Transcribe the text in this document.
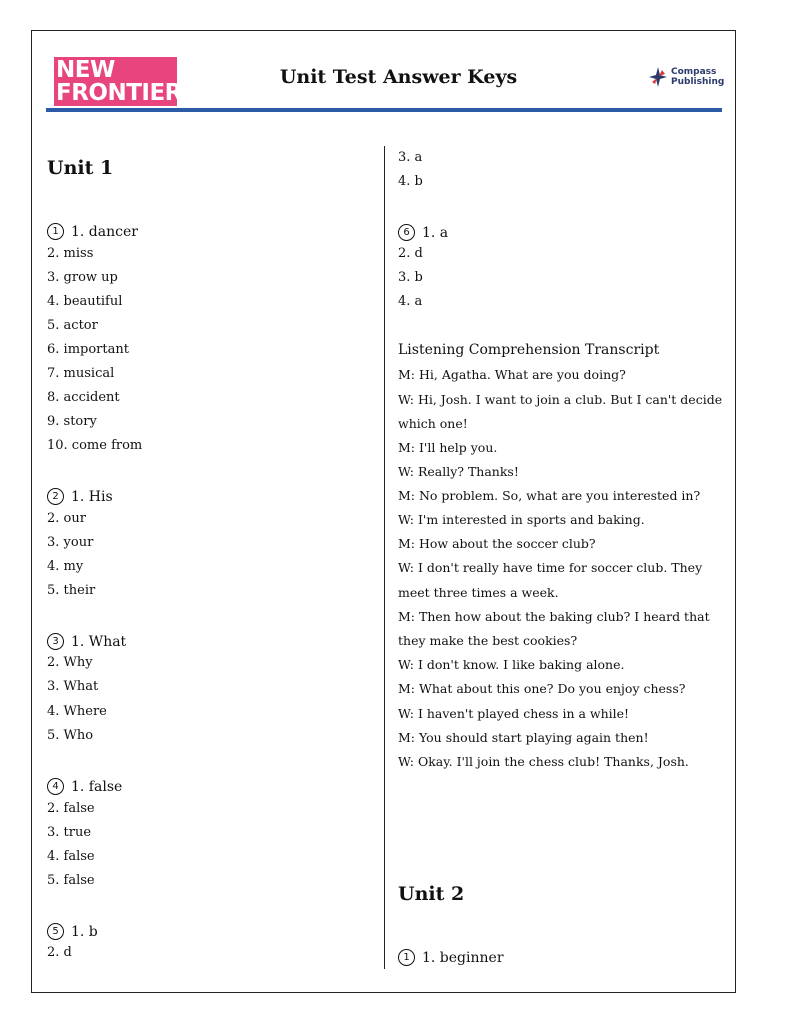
NEW
FRONTIERS
Unit Test Answer Keys	Compass
Publishing
Unit 1
1 1. dancer
2. miss
3. grow up
4. beautiful
5. actor
6. important
7. musical
8. accident
9. story
10. come from
2 1. His
2. our
3. your
4. my
5. their
3 1. What
2. Why
3. What
4. Where
5. Who
4 1. false
2. false
3. true
4. false
5. false
5 1. b
2. d
3. a
4. b
6 1. a
2. d
3. b
4. a
Listening Comprehension Transcript
M: Hi, Agatha. What are you doing?
W: Hi, Josh. I want to join a club. But I can't decide
which one!
M: I'll help you.
W: Really? Thanks!
M: No problem. So, what are you interested in?
W: I'm interested in sports and baking.
M: How about the soccer club?
W: I don't really have time for soccer club. They
meet three times a week.
M: Then how about the baking club? I heard that
they make the best cookies?
W: I don't know. I like baking alone.
M: What about this one? Do you enjoy chess?
W: I haven't played chess in a while!
M: You should start playing again then!
W: Okay. I'll join the chess club! Thanks, Josh.
Unit 2
1 1. beginner
